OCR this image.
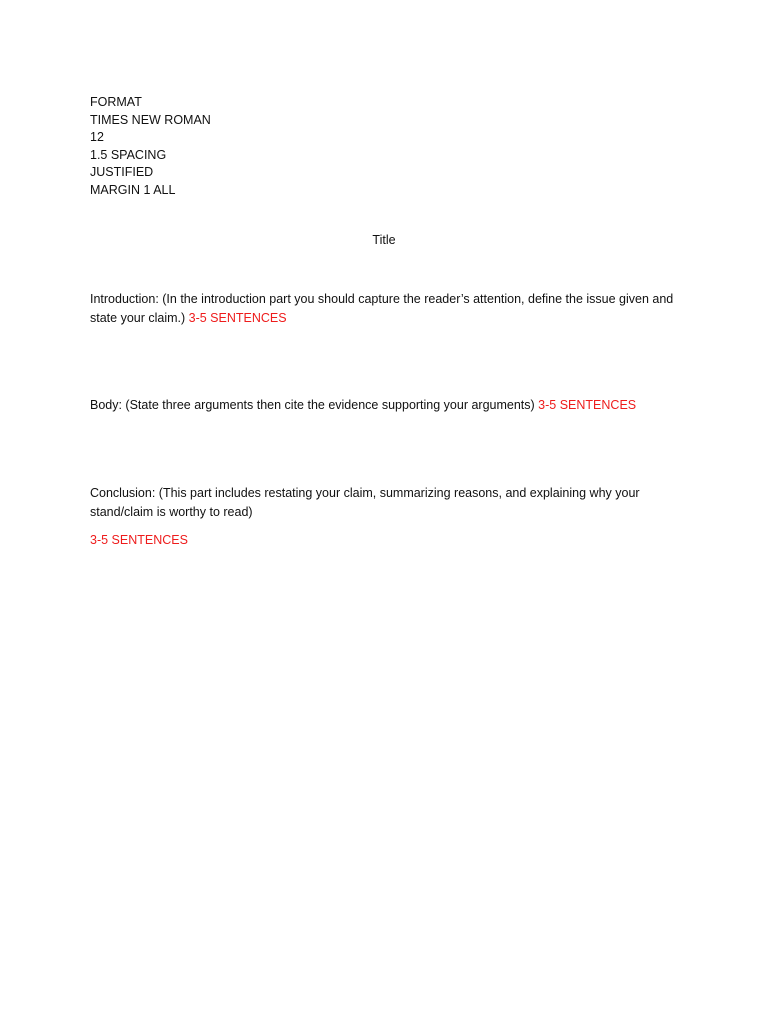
FORMAT
TIMES NEW ROMAN
12
1.5 SPACING
JUSTIFIED
MARGIN 1 ALL
Title
Introduction: (In the introduction part you should capture the reader’s attention, define the issue given and state your claim.) 3-5 SENTENCES
Body: (State three arguments then cite the evidence supporting your arguments) 3-5 SENTENCES
Conclusion: (This part includes restating your claim, summarizing reasons, and explaining why your stand/claim is worthy to read)
3-5 SENTENCES
